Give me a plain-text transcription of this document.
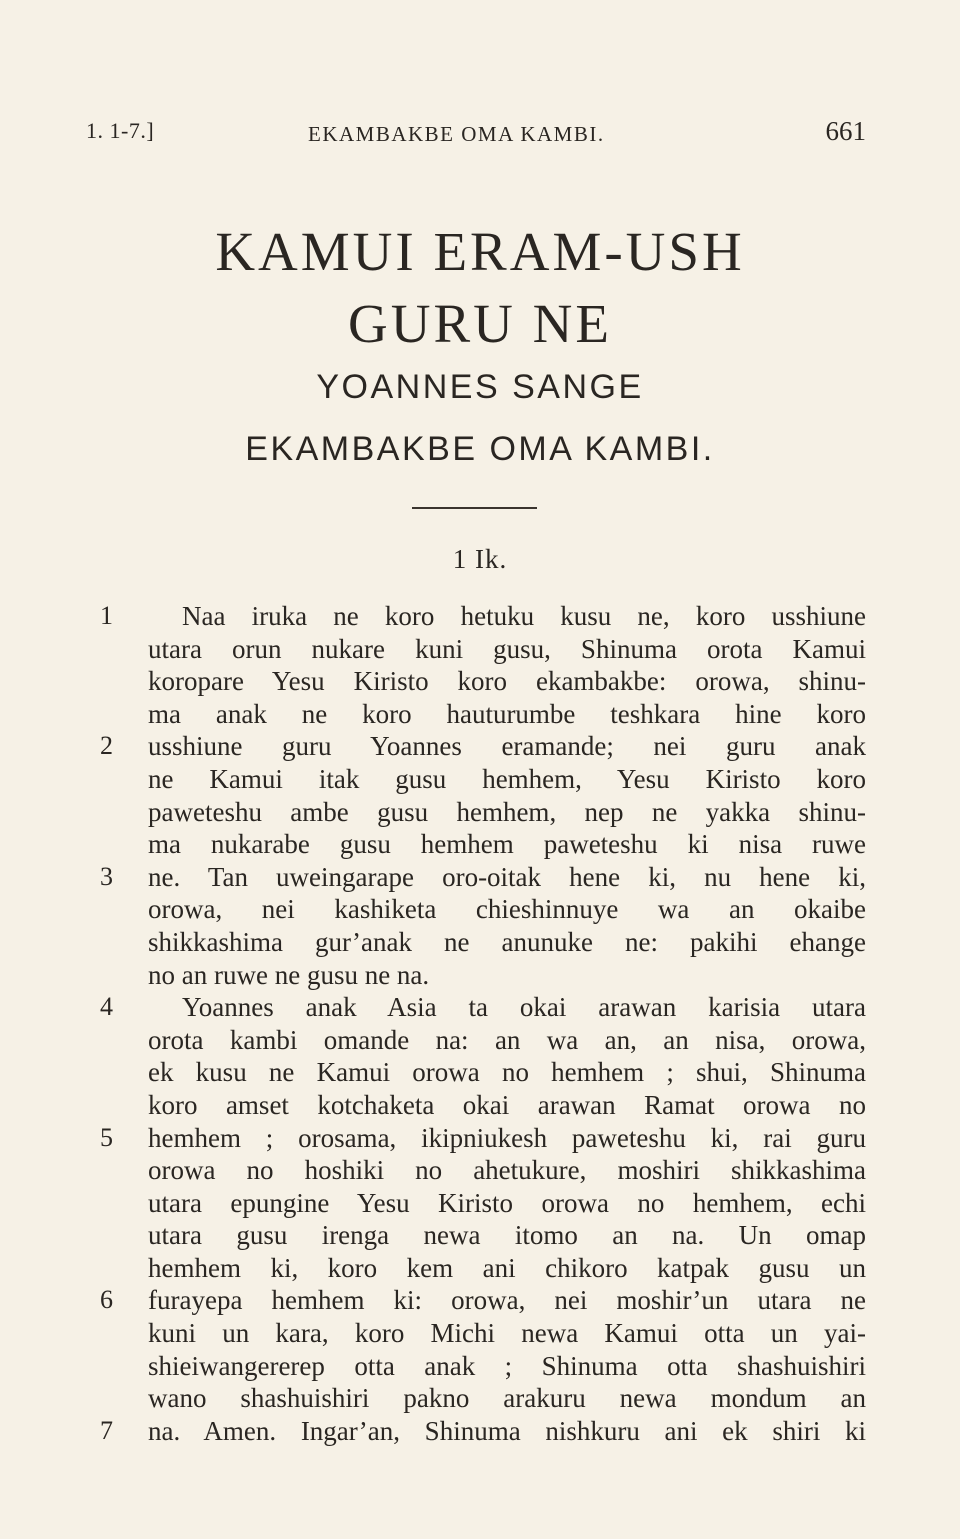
1. 1-7.]	EKAMBAKBE OMA KAMBI.	661
KAMUI ERAM-USH
GURU NE
YOANNES SANGE
EKAMBAKBE OMA KAMBI.
1 Ik.
1	Naa iruka ne koro hetuku kusu ne, koro usshiune
utara orun nukare kuni gusu, Shinuma orota Kamui
koropare Yesu Kiristo koro ekambakbe: orowa, shinu-
ma anak ne koro hauturumbe teshkara hine koro
2 usshiune guru Yoannes eramande; nei guru anak
ne Kamui itak gusu hemhem, Yesu Kiristo koro
paweteshu ambe gusu hemhem, nep ne yakka shinu-
ma nukarabe gusu hemhem paweteshu ki nisa ruwe
3 ne. Tan uweingarape oro-oitak hene ki, nu hene ki,
orowa, nei kashiketa chieshinnuye wa an okaibe
shikkashima gur’anak ne anunuke ne: pakihi ehange
no an ruwe ne gusu ne na.
4	Yoannes anak Asia ta okai arawan karisia utara
orota kambi omande na: an wa an, an nisa, orowa,
ek kusu ne Kamui orowa no hemhem ; shui, Shinuma
koro amset kotchaketa okai arawan Ramat orowa no
5 hemhem ; orosama, ikipniukesh paweteshu ki, rai guru
orowa no hoshiki no ahetukure, moshiri shikkashima
utara epungine Yesu Kiristo orowa no hemhem, echi
utara gusu irenga newa itomo an na. Un omap
hemhem ki, koro kem ani chikoro katpak gusu un
6 furayepa hemhem ki: orowa, nei moshir’un utara ne
kuni un kara, koro Michi newa Kamui otta un yai-
shieiwangererep otta anak ; Shinuma otta shashuishiri
wano shashuishiri pakno arakuru newa mondum an
7 na. Amen. Ingar’an, Shinuma nishkuru ani ek shiri ki
